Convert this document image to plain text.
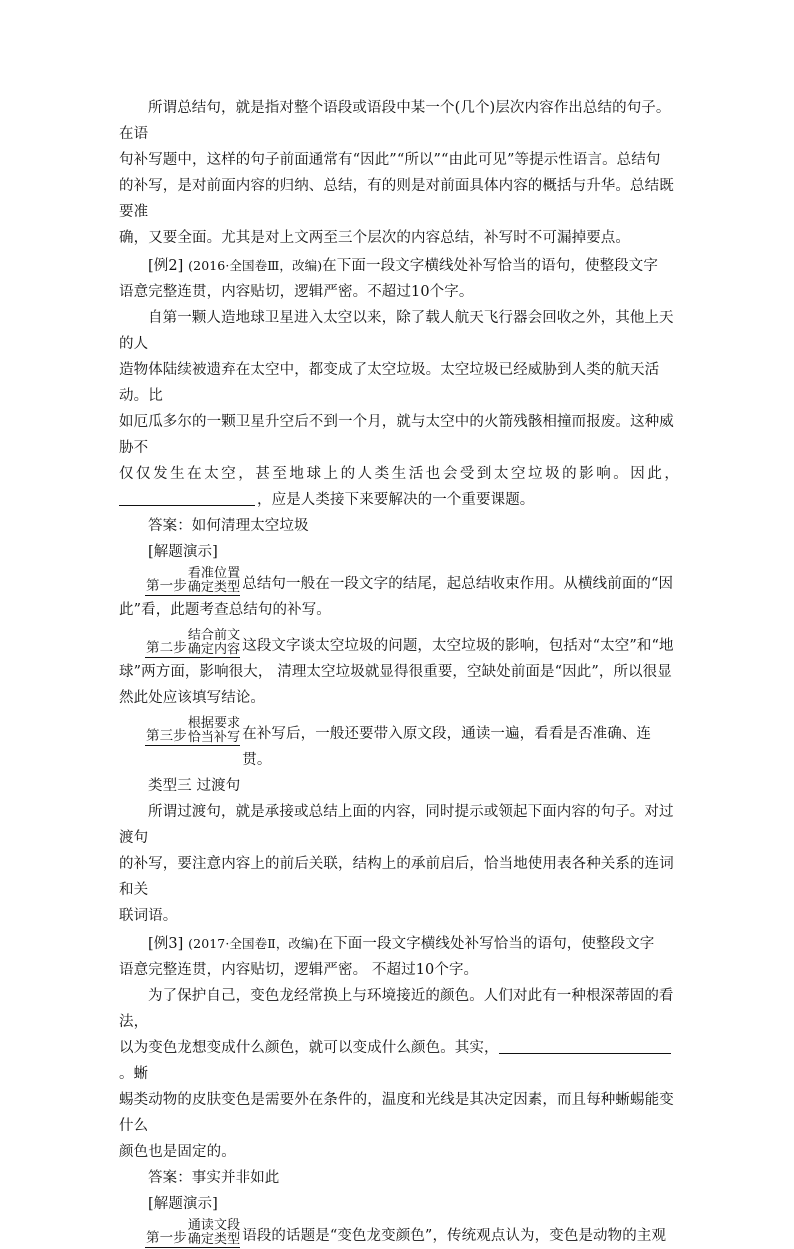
所谓总结句，就是指对整个语段或语段中某一个(几个)层次内容作出总结的句子。在语

句补写题中，这样的句子前面通常有“因此”“所以”“由此可见”等提示性语言。总结句

的补写，是对前面内容的归纳、总结，有的则是对前面具体内容的概括与升华。总结既要准

确，又要全面。尤其是对上文两至三个层次的内容总结，补写时不可漏掉要点。

[例2] (2016·全国卷Ⅲ，改编)在下面一段文字横线处补写恰当的语句，使整段文字

语意完整连贯，内容贴切，逻辑严密。不超过10个字。

自第一颗人造地球卫星进入太空以来，除了载人航天飞行器会回收之外，其他上天的人

造物体陆续被遗弃在太空中，都变成了太空垃圾。太空垃圾已经威胁到人类的航天活动。比

如厄瓜多尔的一颗卫星升空后不到一个月，就与太空中的火箭残骸相撞而报废。这种威胁不

仅仅发生在太空，甚至地球上的人类生活也会受到太空垃圾的影响。因此，

，应是人类接下来要解决的一个重要课题。

答案：如何清理太空垃圾

[解题演示]

第一步
看准位置
确定类型 总结句一般在一段文字的结尾，起总结收束作用。从横线前面的“因

此”看，此题考查总结句的补写。

第二步
结合前文
确定内容 这段文字谈太空垃圾的问题，太空垃圾的影响，包括对“太空”和“地

球”两方面，影响很大， 清理太空垃圾就显得很重要，空缺处前面是“因此”，所以很显

然此处应该填写结论。

第三步
根据要求
恰当补写 在补写后，一般还要带入原文段，通读一遍，看看是否准确、连贯。

类型三 过渡句

所谓过渡句，就是承接或总结上面的内容，同时提示或领起下面内容的句子。对过渡句

的补写，要注意内容上的前后关联，结构上的承前启后，恰当地使用表各种关系的连词和关

联词语。

[例3] (2017·全国卷Ⅱ，改编)在下面一段文字横线处补写恰当的语句，使整段文字

语意完整连贯，内容贴切，逻辑严密。 不超过10个字。

为了保护自己，变色龙经常换上与环境接近的颜色。人们对此有一种根深蒂固的看法，

以为变色龙想变成什么颜色，就可以变成什么颜色。其实，。蜥

蜴类动物的皮肤变色是需要外在条件的，温度和光线是其决定因素，而且每种蜥蜴能变什么

颜色也是固定的。

答案：事实并非如此

[解题演示]

第一步
通读文段
确定类型 语段的话题是“变色龙变颜色”，传统观点认为，变色是动物的主观
